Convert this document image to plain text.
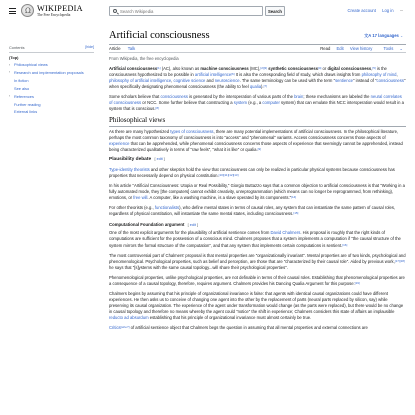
Ω
WIKIPEDIA
The Free Encyclopedia
Search Wikipedia
Search	Create account Log in ···
Contents	[hide]
(Top)
›	Philosophical views
›	Research and implementation proposals
In fiction
See also
›	References
Further reading
External links
Artificial consciousness	文A 17 languages ⌄
Article Talk	Read Edit View history	Tools ⌄
From Wikipedia, the free encyclopedia

Artificial consciousness[1] (AC), also known as machine consciousness (MC),[2][3] synthetic consciousness[4] or digital consciousness,[5] is the consciousness hypothesized to be possible in artificial intelligence[6] It is also the corresponding field of study, which draws insights from philosophy of mind, philosophy of artificial intelligence, cognitive science and neuroscience. The same terminology can be used with the term "sentience" instead of "consciousness" when specifically designating phenomenal consciousness (the ability to feel qualia).[7]

Some scholars believe that consciousness is generated by the interoperation of various parts of the brain; these mechanisms are labeled the neural correlates of consciousness or NCC. Some further believe that constructing a system (e.g., a computer system) that can emulate this NCC interoperation would result in a system that is conscious.[8]

Philosophical views

As there are many hypothesized types of consciousness, there are many potential implementations of artificial consciousness. In the philosophical literature, perhaps the most common taxonomy of consciousness is into "access" and "phenomenal" variants. Access consciousness concerns those aspects of experience that can be apprehended, while phenomenal consciousness concerns those aspects of experience that seemingly cannot be apprehended, instead being characterized qualitatively in terms of "raw feels", "what it is like" or qualia.[9]

Plausibility debate [ edit ]

Type-identity theorists and other skeptics hold the view that consciousness can only be realized in particular physical systems because consciousness has properties that necessarily depend on physical constitution.[10][11][12][13]

In his article "Artificial Consciousness: Utopia or Real Possibility," Giorgio Buttazzo says that a common objection to artificial consciousness is that "Working in a fully automated mode, they [the computers] cannot exhibit creativity, unreprogrammation (which means can no longer be reprogrammed, from rethinking), emotions, or free will. A computer, like a washing machine, is a slave operated by its components."[14]

For other theorists (e.g., functionalists), who define mental states in terms of causal roles, any system that can instantiate the same pattern of causal roles, regardless of physical constitution, will instantiate the same mental states, including consciousness.[15]

Computational Foundation argument [ edit ]

One of the most explicit arguments for the plausibility of artificial sentience comes from David Chalmers. His proposal is roughly that the right kinds of computations are sufficient for the possession of a conscious mind. Chalmers proposes that a system implements a computation if "the causal structure of the system mirrors the formal structure of the computation", and that any system that implements certain computations is sentient.[16]

The most controversial part of Chalmers' proposal is that mental properties are "organizationally invariant". Mental properties are of two kinds, psychological and phenomenological. Psychological properties, such as belief and perception, are those that are "characterized by their causal role". Aided by previous work,[17][18] he says that "[s]ystems with the same causal topology...will share their psychological properties".

Phenomenological properties, unlike psychological properties, are not definable in terms of their causal roles. Establishing that phenomenological properties are a consequence of a causal topology, therefore, requires argument. Chalmers provides his Dancing Qualia Argument for this purpose:[19]

Chalmers begins by assuming that his principle of organizational invariance is false: that agents with identical causal organizations could have different experiences. He then asks us to conceive of changing one agent into the other by the replacement of parts (neural parts replaced by silicon, say) while preserving its causal organization. The experience of the agent under transformation would change (as the parts were replaced), but there would be no change in causal topology and therefore no means whereby the agent could "notice" the shift in experience; Chalmers considers this state of affairs an implausible reducto ad absurdum establishing that his principle of organizational invariance must almost certainly be true.

Critics[who?] of artificial sentience object that Chalmers begs the question in assuming that all mental properties and external connections are
